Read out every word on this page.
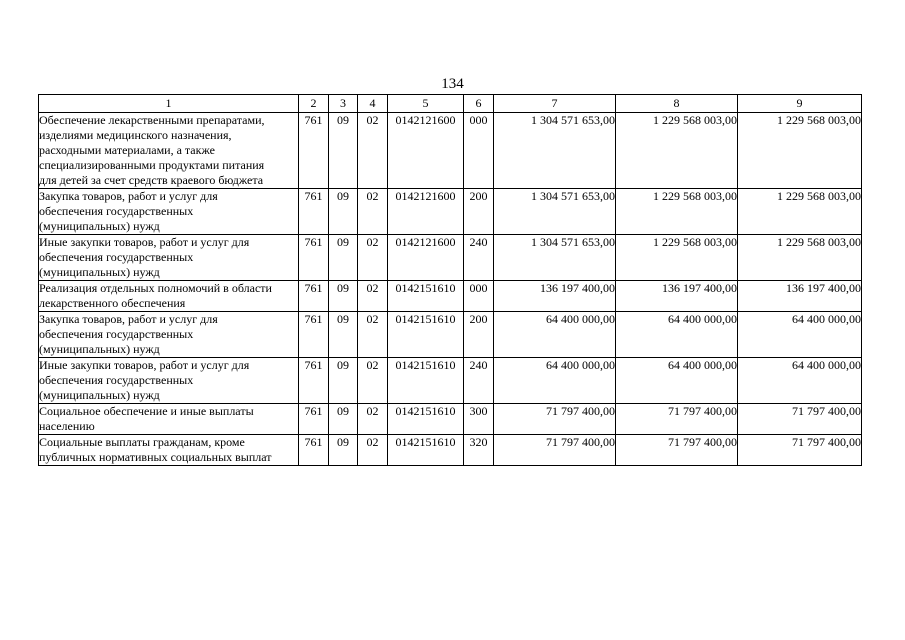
134
1	2	3	4	5	6	7	8	9

Обеспечение лекарственными препаратами,
изделиями медицинского назначения,
расходными материалами, а также
специализированными продуктами питания
для детей за счет средств краевого бюджета	761	09	02	0142121600	000	1 304 571 653,00	1 229 568 003,00	1 229 568 003,00

Закупка товаров, работ и услуг для
обеспечения государственных
(муниципальных) нужд	761	09	02	0142121600	200	1 304 571 653,00	1 229 568 003,00	1 229 568 003,00

Иные закупки товаров, работ и услуг для
обеспечения государственных
(муниципальных) нужд	761	09	02	0142121600	240	1 304 571 653,00	1 229 568 003,00	1 229 568 003,00

Реализация отдельных полномочий в области
лекарственного обеспечения	761	09	02	0142151610	000	136 197 400,00	136 197 400,00	136 197 400,00

Закупка товаров, работ и услуг для
обеспечения государственных
(муниципальных) нужд	761	09	02	0142151610	200	64 400 000,00	64 400 000,00	64 400 000,00

Иные закупки товаров, работ и услуг для
обеспечения государственных
(муниципальных) нужд	761	09	02	0142151610	240	64 400 000,00	64 400 000,00	64 400 000,00

Социальное обеспечение и иные выплаты
населению	761	09	02	0142151610	300	71 797 400,00	71 797 400,00	71 797 400,00

Социальные выплаты гражданам, кроме
публичных нормативных социальных выплат	761	09	02	0142151610	320	71 797 400,00	71 797 400,00	71 797 400,00
